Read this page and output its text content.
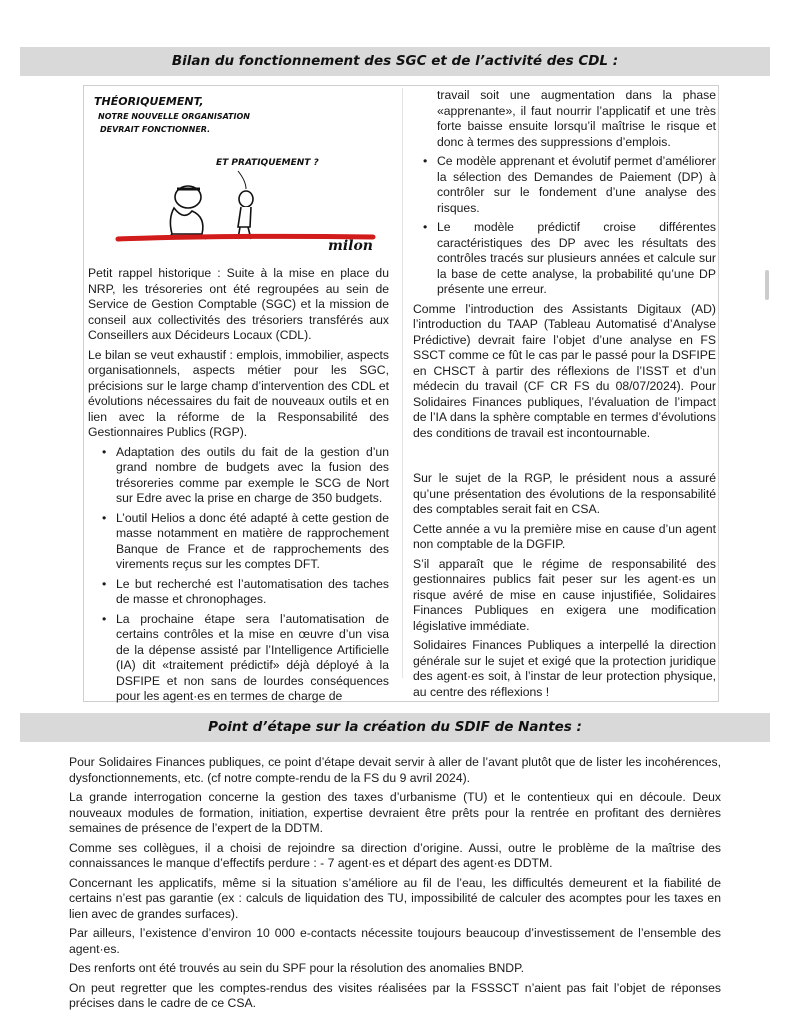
Bilan du fonctionnement des SGC et de l’activité des CDL :
THÉORIQUEMENT,
NOTRE NOUVELLE ORGANISATION
DEVRAIT FONCTIONNER.
ET PRATIQUEMENT ?
milon

Petit rappel historique : Suite à la mise en place du NRP, les trésoreries ont été regroupées au sein de Service de Gestion Comptable (SGC) et la mission de conseil aux collectivités des trésoriers transférés aux Conseillers aux Décideurs Locaux (CDL).

Le bilan se veut exhaustif : emplois, immobilier, aspects organisationnels, aspects métier pour les SGC, précisions sur le large champ d’intervention des CDL et évolutions nécessaires du fait de nouveaux outils et en lien avec la réforme de la Responsabilité des Gestionnaires Publics (RGP).

• Adaptation des outils du fait de la gestion d’un grand nombre de budgets avec la fusion des trésoreries comme par exemple le SCG de Nort sur Edre avec la prise en charge de 350 budgets.
• L’outil Helios a donc été adapté à cette gestion de masse notamment en matière de rapprochement Banque de France et de rapprochements des virements reçus sur les comptes DFT.
• Le but recherché est l’automatisation des taches de masse et chronophages.
• La prochaine étape sera l’automatisation de certains contrôles et la mise en œuvre d’un visa de la dépense assisté par l’Intelligence Artificielle (IA) dit «traitement prédictif» déjà déployé à la DSFIPE et non sans de lourdes conséquences pour les agent·es en termes de charge de
travail soit une augmentation dans la phase «apprenante», il faut nourrir l’applicatif et une très forte baisse ensuite lorsqu’il maîtrise le risque et donc à termes des suppressions d’emplois.
• Ce modèle apprenant et évolutif permet d’améliorer la sélection des Demandes de Paiement (DP) à contrôler sur le fondement d’une analyse des risques.
• Le modèle prédictif croise différentes caractéristiques des DP avec les résultats des contrôles tracés sur plusieurs années et calcule sur la base de cette analyse, la probabilité qu’une DP présente une erreur.

Comme l’introduction des Assistants Digitaux (AD) l’introduction du TAAP (Tableau Automatisé d’Analyse Prédictive) devrait faire l’objet d’une analyse en FS SSCT comme ce fût le cas par le passé pour la DSFIPE en CHSCT à partir des réflexions de l’ISST et d’un médecin du travail (CF CR FS du 08/07/2024). Pour Solidaires Finances publiques, l’évaluation de l’impact de l’IA dans la sphère comptable en termes d’évolutions des conditions de travail est incontournable.

Sur le sujet de la RGP, le président nous a assuré qu’une présentation des évolutions de la responsabilité des comptables serait fait en CSA.

Cette année a vu la première mise en cause d’un agent non comptable de la DGFIP.

S’il apparaît que le régime de responsabilité des gestionnaires publics fait peser sur les agent·es un risque avéré de mise en cause injustifiée, Solidaires Finances Publiques en exigera une modification législative immédiate.

Solidaires Finances Publiques a interpellé la direction générale sur le sujet et exigé que la protection juridique des agent·es soit, à l’instar de leur protection physique, au centre des réflexions !

Point d’étape sur la création du SDIF de Nantes :

Pour Solidaires Finances publiques, ce point d’étape devait servir à aller de l’avant plutôt que de lister les incohérences, dysfonctionnements, etc. (cf notre compte-rendu de la FS du 9 avril 2024).

La grande interrogation concerne la gestion des taxes d’urbanisme (TU) et le contentieux qui en découle. Deux nouveaux modules de formation, initiation, expertise devraient être prêts pour la rentrée en profitant des dernières semaines de présence de l’expert de la DDTM.

Comme ses collègues, il a choisi de rejoindre sa direction d’origine. Aussi, outre le problème de la maîtrise des connaissances le manque d’effectifs perdure : - 7 agent·es et départ des agent·es DDTM.

Concernant les applicatifs, même si la situation s’améliore au fil de l’eau, les difficultés demeurent et la fiabilité de certains n’est pas garantie (ex : calculs de liquidation des TU, impossibilité de calculer des acomptes pour les taxes en lien avec de grandes surfaces).

Par ailleurs, l’existence d’environ 10 000 e-contacts nécessite toujours beaucoup d’investissement de l’ensemble des agent·es.

Des renforts ont été trouvés au sein du SPF pour la résolution des anomalies BNDP.

On peut regretter que les comptes-rendus des visites réalisées par la FSSSCT n’aient pas fait l’objet de réponses précises dans le cadre de ce CSA.
